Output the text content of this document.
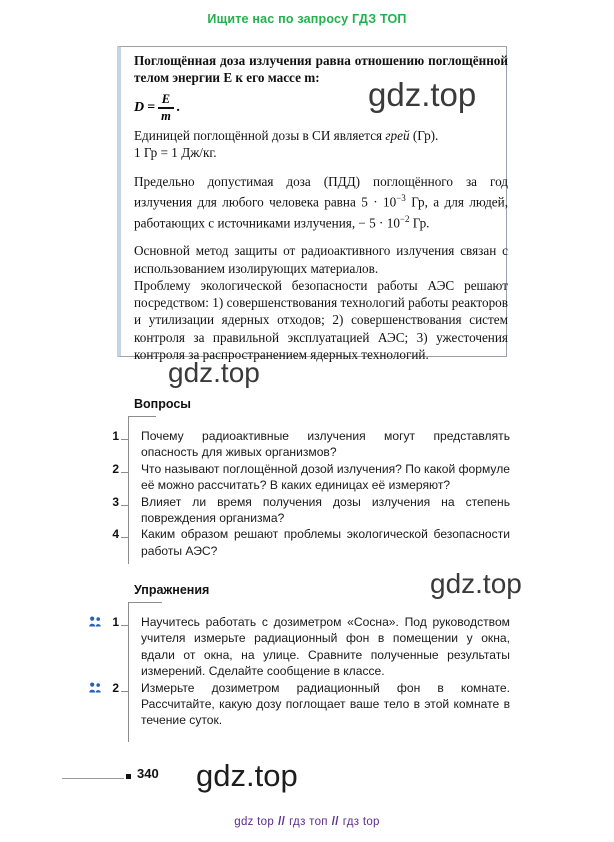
Ищите нас по запросу ГДЗ ТОП
Поглощённая доза излучения равна отношению поглощённой телом энергии E к его массе m:
$D = \frac{E}{m}$ .
Единицей поглощённой дозы в СИ является грей (Гр).
1 Гр = 1 Дж/кг.
Предельно допустимая доза (ПДД) поглощённого за год излучения для любого человека равна $5 \cdot 10^{-3}$ Гр, а для людей, работающих с источниками излучения, − $5 \cdot 10^{-2}$ Гр.
Основной метод защиты от радиоактивного излучения связан с использованием изолирующих материалов.
Проблему экологической безопасности работы АЭС решают посредством: 1) совершенствования технологий работы реакторов и утилизации ядерных отходов; 2) совершенствования систем контроля за правильной эксплуатацией АЭС; 3) ужесточения контроля за распространением ядерных технологий.
gdz.top
gdz.top
gdz.top
gdz.top
Вопросы
1 Почему радиоактивные излучения могут представлять опасность для живых организмов?
2 Что называют поглощённой дозой излучения? По какой формуле её можно рассчитать? В каких единицах её измеряют?
3 Влияет ли время получения дозы излучения на степень повреждения организма?
4 Каким образом решают проблемы экологической безопасности работы АЭС?
Упражнения
1 Научитесь работать с дозиметром «Сосна». Под руководством учителя измерьте радиационный фон в помещении у окна, вдали от окна, на улице. Сравните полученные результаты измерений. Сделайте сообщение в классе.
2 Измерьте дозиметром радиационный фон в комнате. Рассчитайте, какую дозу поглощает ваше тело в этой комнате в течение суток.
340
gdz top // гдз топ // гдз top
